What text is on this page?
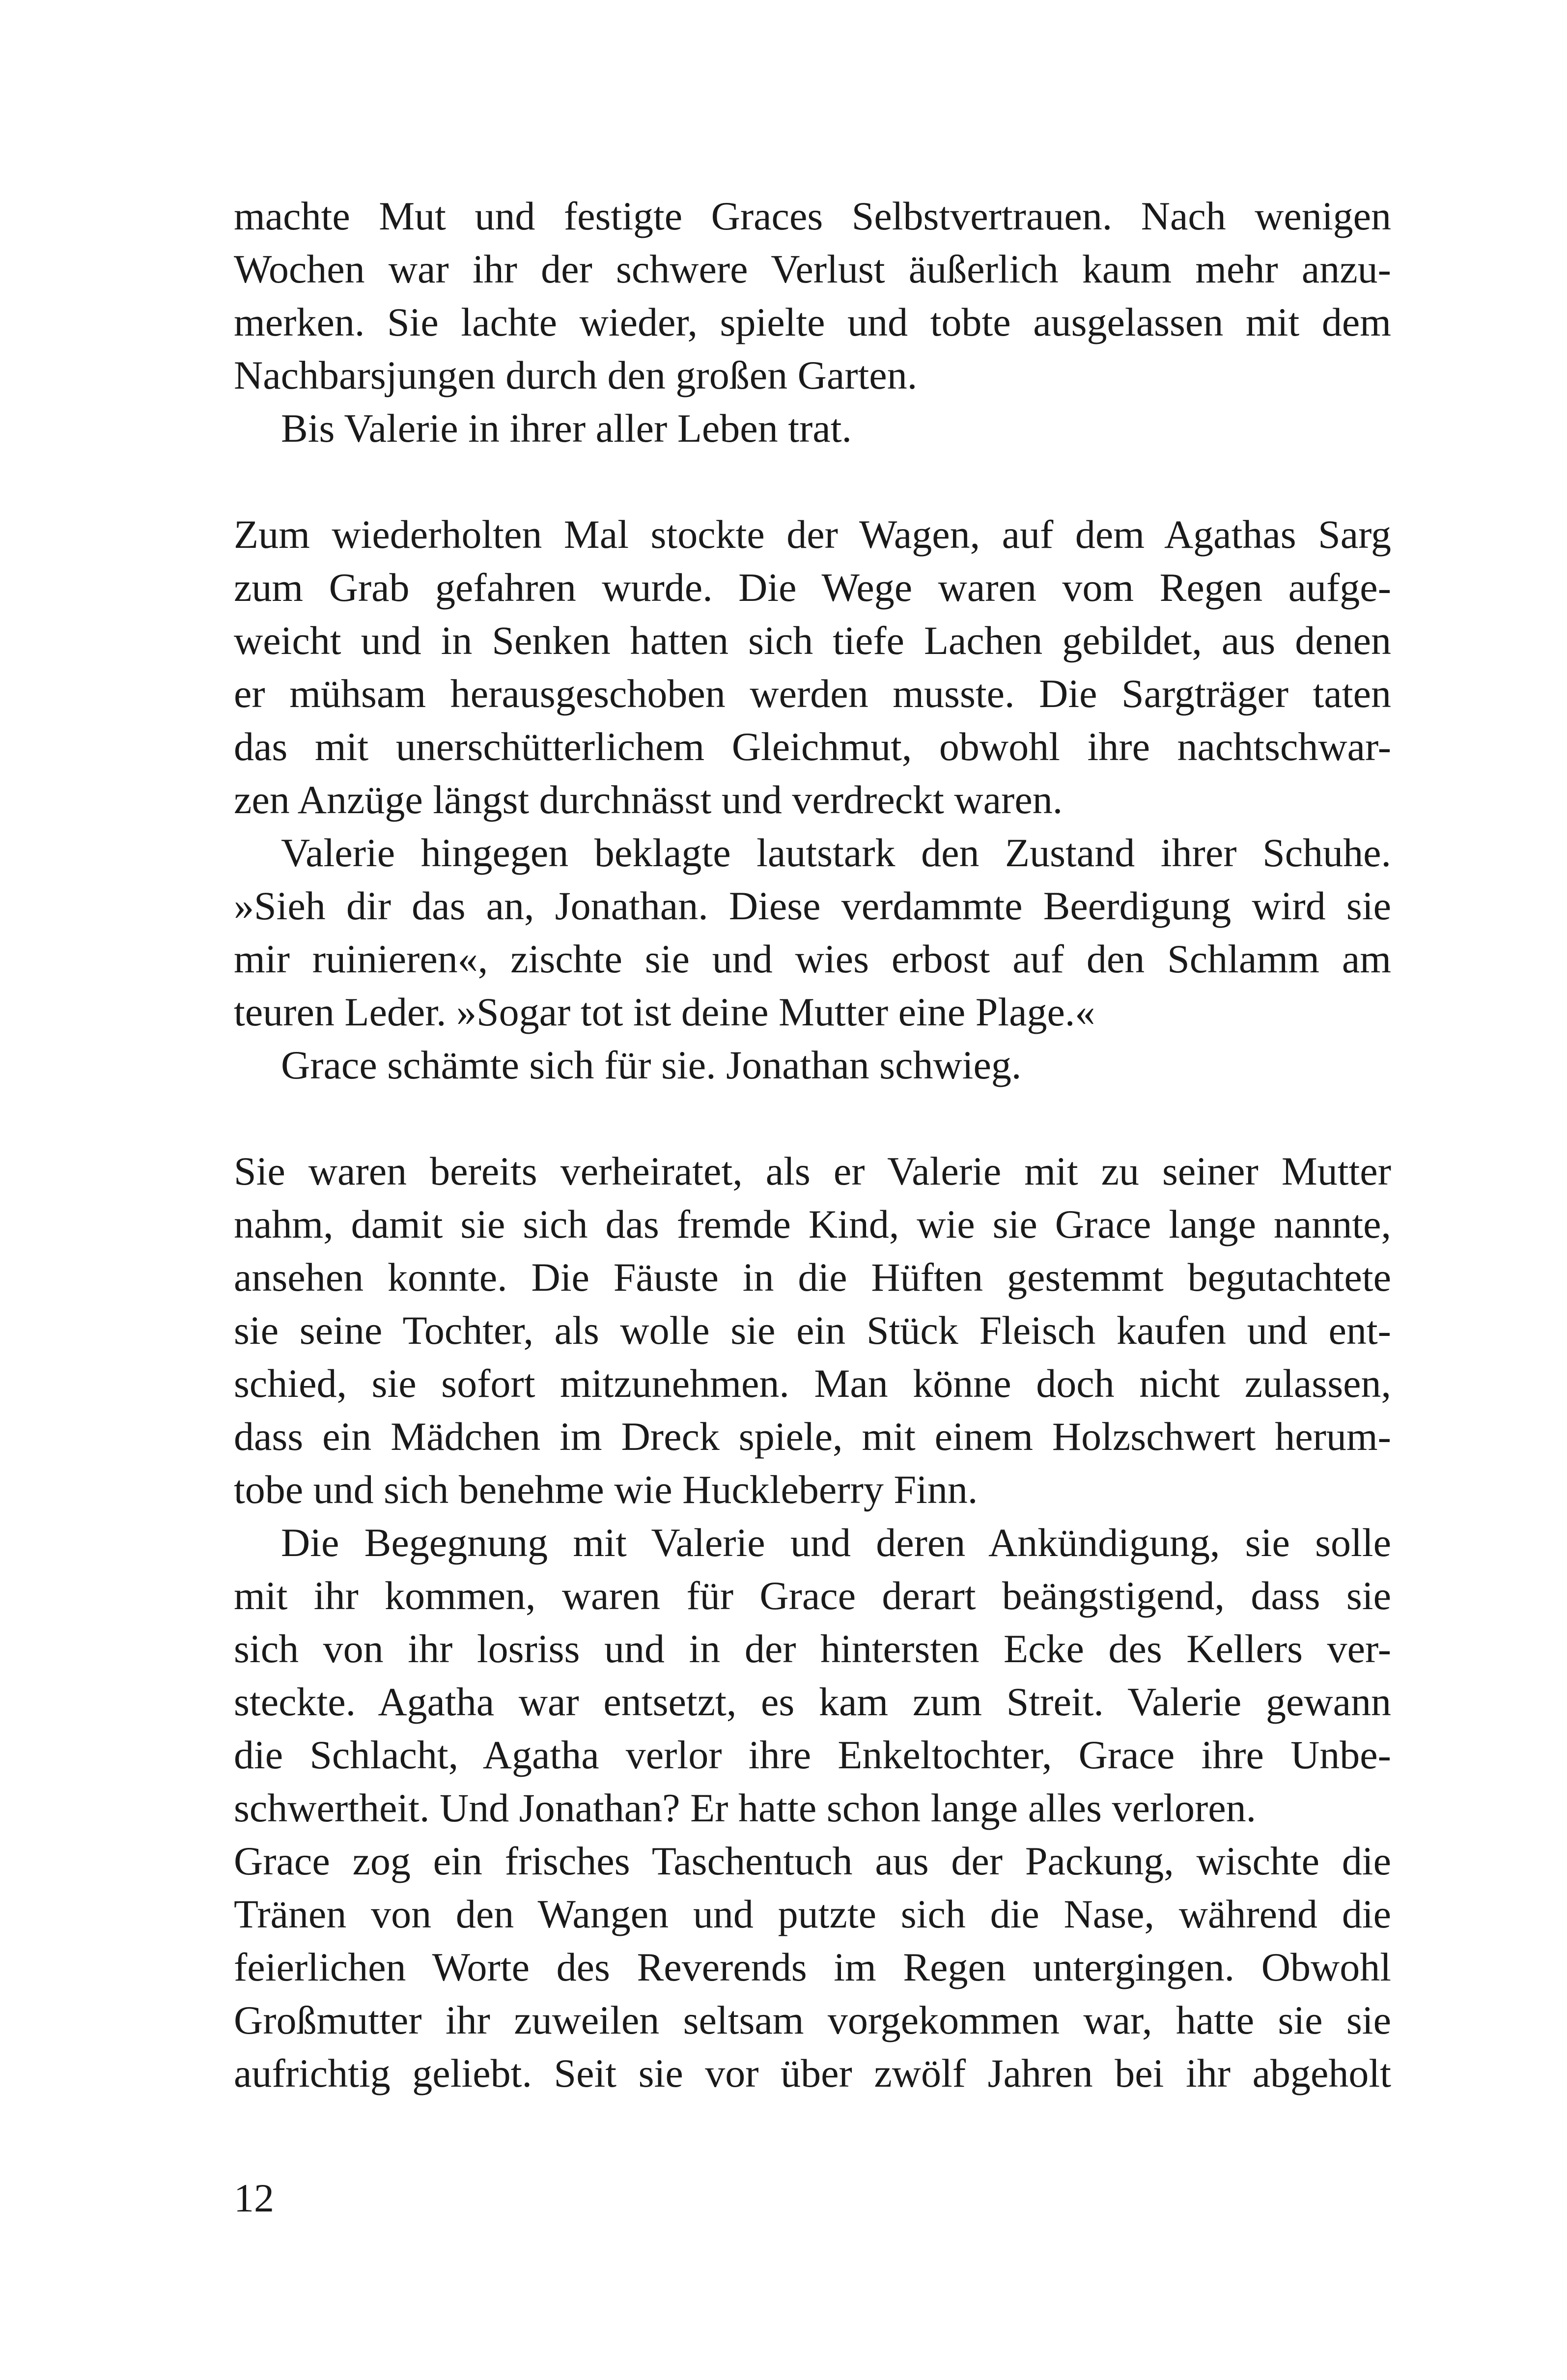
machte Mut und festigte Graces Selbstvertrauen. Nach wenigen
Wochen war ihr der schwere Verlust äußerlich kaum mehr anzu-
merken. Sie lachte wieder, spielte und tobte ausgelassen mit dem
Nachbarsjungen durch den großen Garten.
Bis Valerie in ihrer aller Leben trat.
Zum wiederholten Mal stockte der Wagen, auf dem Agathas Sarg
zum Grab gefahren wurde. Die Wege waren vom Regen aufge-
weicht und in Senken hatten sich tiefe Lachen gebildet, aus denen
er mühsam herausgeschoben werden musste. Die Sargträger taten
das mit unerschütterlichem Gleichmut, obwohl ihre nachtschwar-
zen Anzüge längst durchnässt und verdreckt waren.
Valerie hingegen beklagte lautstark den Zustand ihrer Schuhe.
»Sieh dir das an, Jonathan. Diese verdammte Beerdigung wird sie
mir ruinieren«, zischte sie und wies erbost auf den Schlamm am
teuren Leder. »Sogar tot ist deine Mutter eine Plage.«
Grace schämte sich für sie. Jonathan schwieg.
Sie waren bereits verheiratet, als er Valerie mit zu seiner Mutter
nahm, damit sie sich das fremde Kind, wie sie Grace lange nannte,
ansehen konnte. Die Fäuste in die Hüften gestemmt begutachtete
sie seine Tochter, als wolle sie ein Stück Fleisch kaufen und ent-
schied, sie sofort mitzunehmen. Man könne doch nicht zulassen,
dass ein Mädchen im Dreck spiele, mit einem Holzschwert herum-
tobe und sich benehme wie Huckleberry Finn.
Die Begegnung mit Valerie und deren Ankündigung, sie solle
mit ihr kommen, waren für Grace derart beängstigend, dass sie
sich von ihr losriss und in der hintersten Ecke des Kellers ver-
steckte. Agatha war entsetzt, es kam zum Streit. Valerie gewann
die Schlacht, Agatha verlor ihre Enkeltochter, Grace ihre Unbe-
schwertheit. Und Jonathan? Er hatte schon lange alles verloren.
Grace zog ein frisches Taschentuch aus der Packung, wischte die
Tränen von den Wangen und putzte sich die Nase, während die
feierlichen Worte des Reverends im Regen untergingen. Obwohl
Großmutter ihr zuweilen seltsam vorgekommen war, hatte sie sie
aufrichtig geliebt. Seit sie vor über zwölf Jahren bei ihr abgeholt
12
